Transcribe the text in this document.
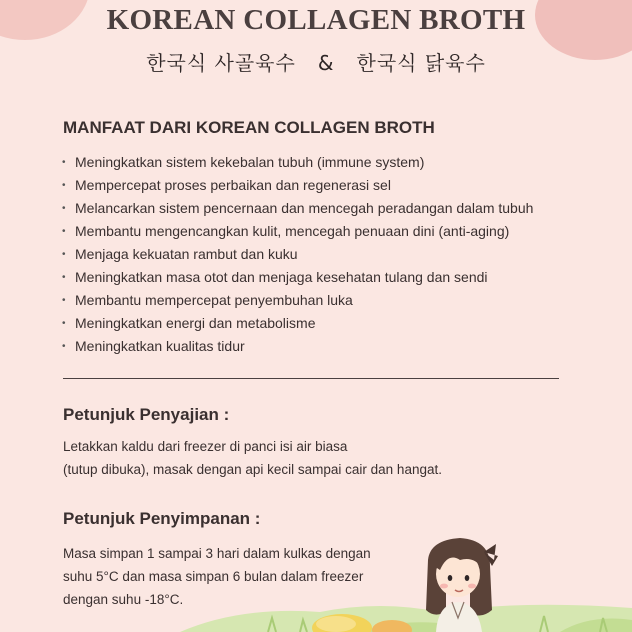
KOREAN COLLAGEN BROTH
한국식 사골육수   &   한국식 닭육수
MANFAAT DARI KOREAN COLLAGEN BROTH
• Meningkatkan sistem kekebalan tubuh (immune system)
• Mempercepat proses perbaikan dan regenerasi sel
• Melancarkan sistem pencernaan dan mencegah peradangan dalam tubuh
• Membantu mengencangkan kulit, mencegah penuaan dini (anti-aging)
• Menjaga kekuatan rambut dan kuku
• Meningkatkan masa otot dan menjaga kesehatan tulang dan sendi
• Membantu mempercepat penyembuhan luka
• Meningkatkan energi dan metabolisme
• Meningkatkan kualitas tidur
Petunjuk Penyajian :
Letakkan kaldu dari freezer di panci isi air biasa
(tutup dibuka), masak dengan api kecil sampai cair dan hangat.
Petunjuk Penyimpanan :
Masa simpan 1 sampai 3 hari dalam kulkas dengan
suhu 5°C dan masa simpan 6 bulan dalam freezer
dengan suhu -18°C.
